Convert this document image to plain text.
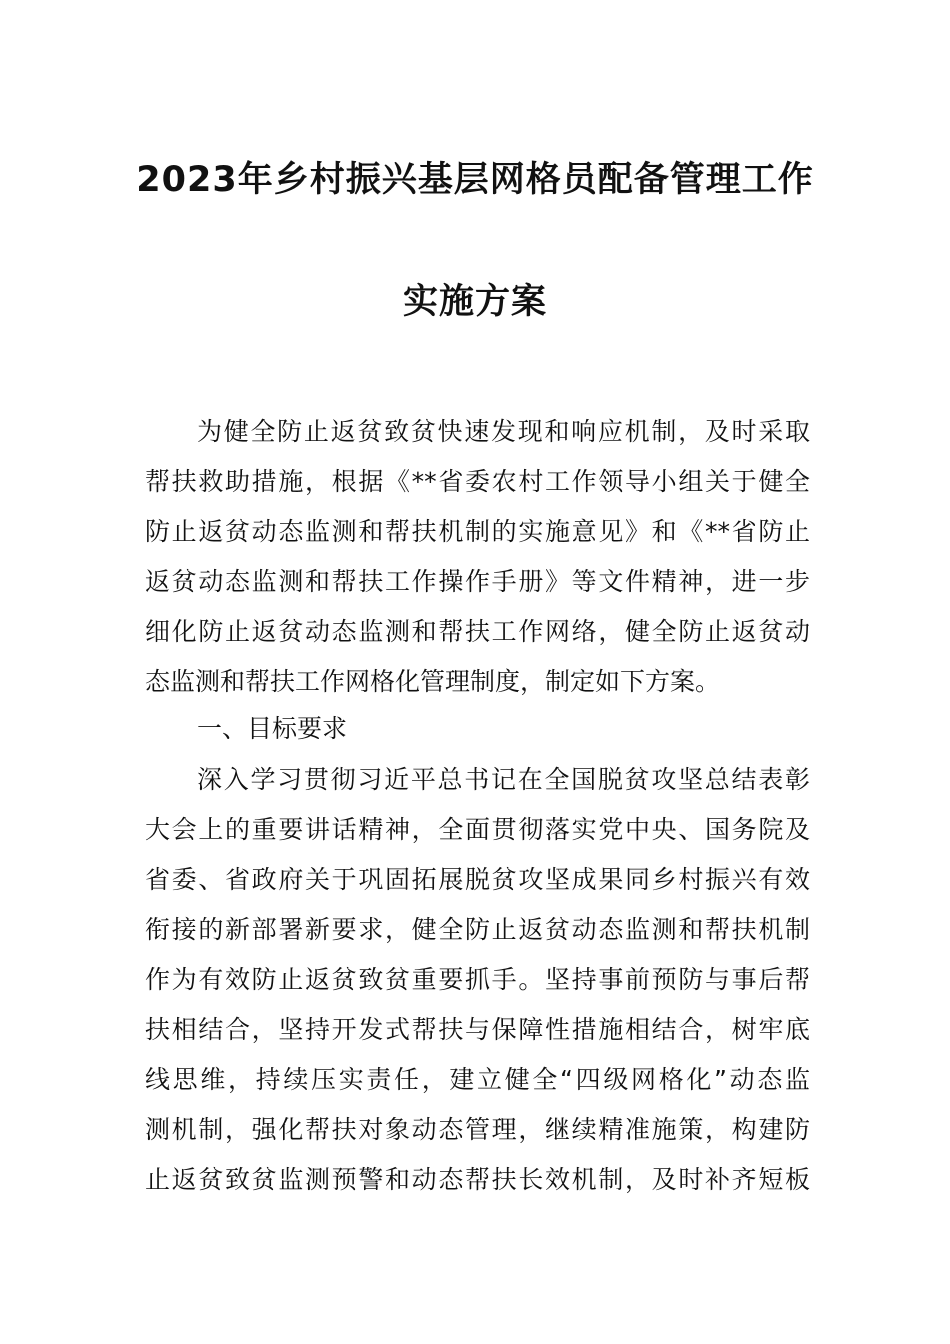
2023年乡村振兴基层网格员配备管理工作
实施方案
为健全防止返贫致贫快速发现和响应机制，及时采取
帮扶救助措施，根据《**省委农村工作领导小组关于健全
防止返贫动态监测和帮扶机制的实施意见》和《**省防止
返贫动态监测和帮扶工作操作手册》等文件精神，进一步
细化防止返贫动态监测和帮扶工作网络，健全防止返贫动
态监测和帮扶工作网格化管理制度，制定如下方案。
一、目标要求
深入学习贯彻习近平总书记在全国脱贫攻坚总结表彰
大会上的重要讲话精神，全面贯彻落实党中央、国务院及
省委、省政府关于巩固拓展脱贫攻坚成果同乡村振兴有效
衔接的新部署新要求，健全防止返贫动态监测和帮扶机制
作为有效防止返贫致贫重要抓手。坚持事前预防与事后帮
扶相结合，坚持开发式帮扶与保障性措施相结合，树牢底
线思维，持续压实责任，建立健全“四级网格化”动态监
测机制，强化帮扶对象动态管理，继续精准施策，构建防
止返贫致贫监测预警和动态帮扶长效机制，及时补齐短板
